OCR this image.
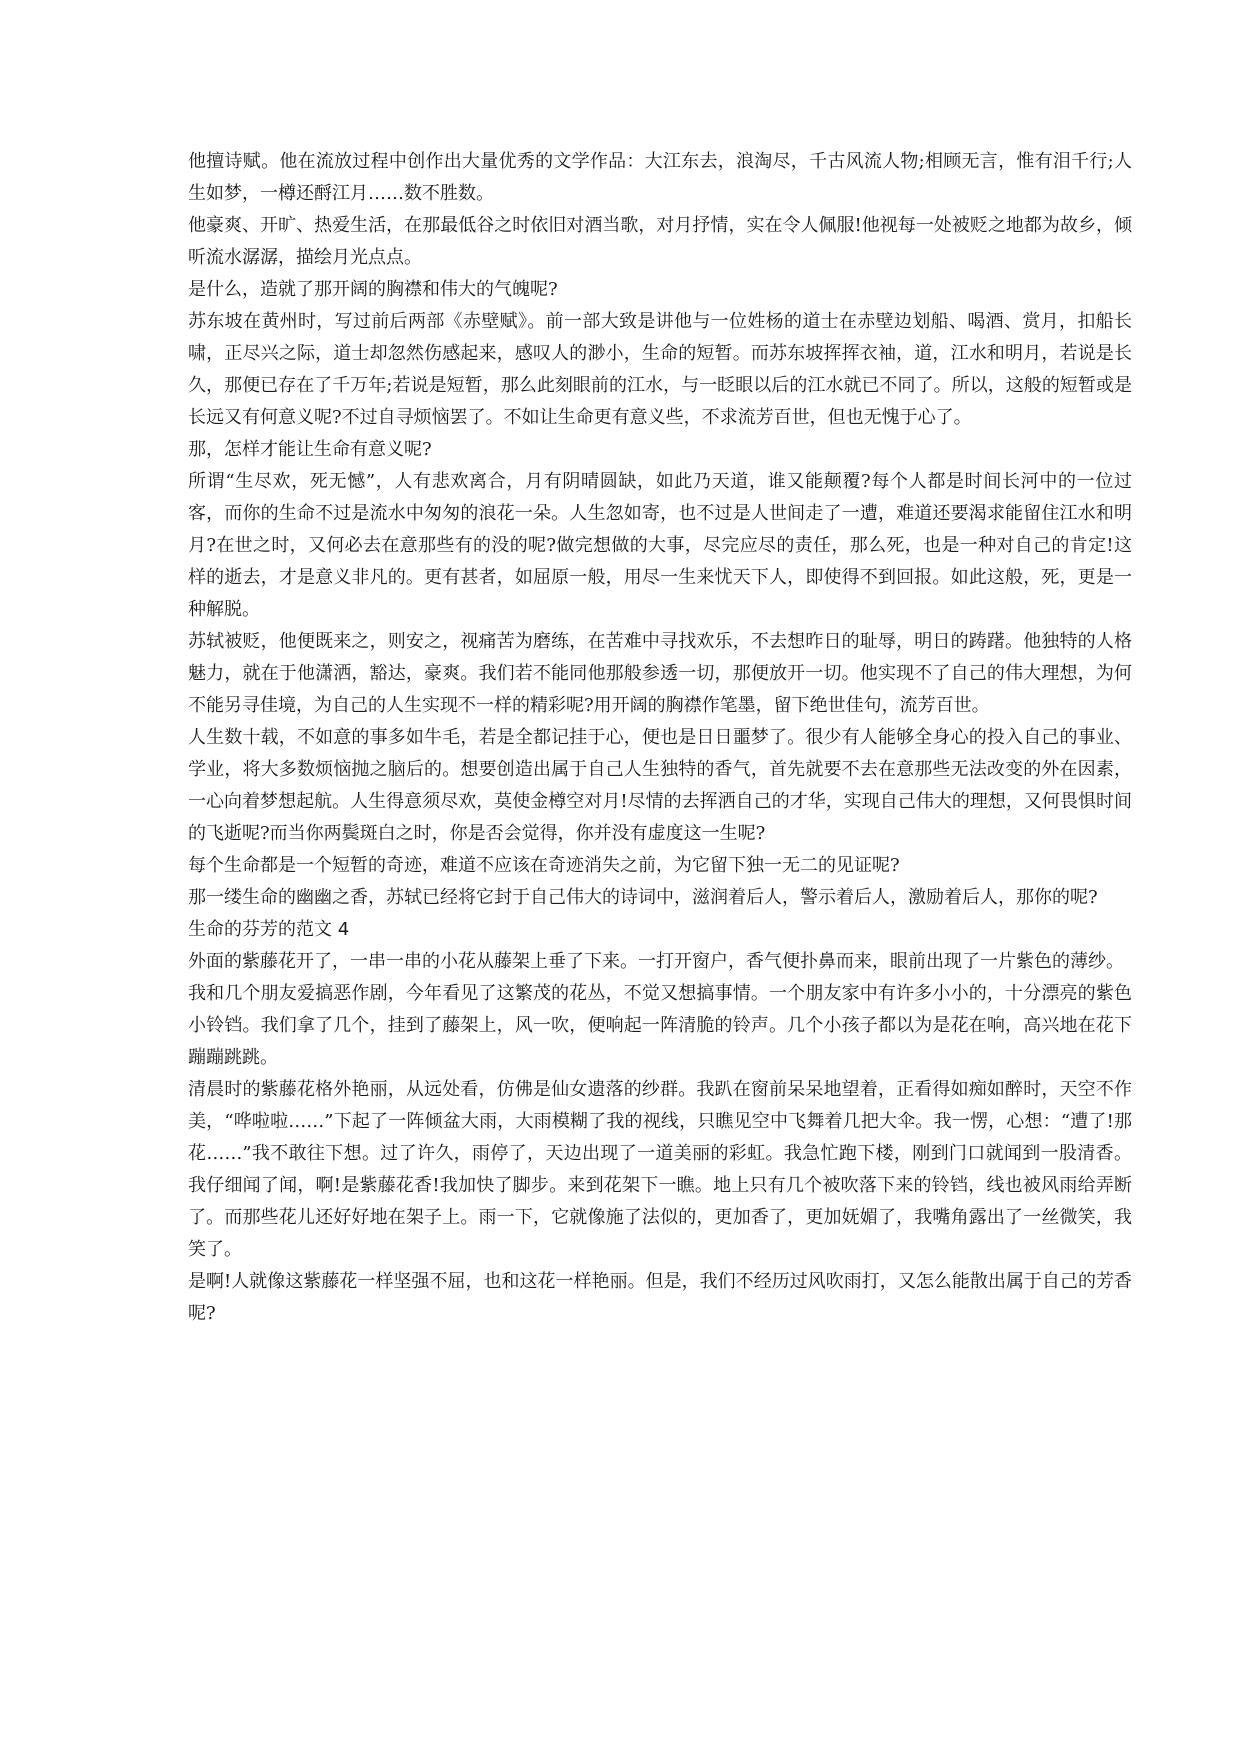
他擅诗赋。他在流放过程中创作出大量优秀的文学作品：大江东去，浪淘尽，千古风流人物;相顾无言，惟有泪千行;人生如梦，一樽还酹江月……数不胜数。

他豪爽、开旷、热爱生活，在那最低谷之时依旧对酒当歌，对月抒情，实在令人佩服!他视每一处被贬之地都为故乡，倾听流水潺潺，描绘月光点点。

是什么，造就了那开阔的胸襟和伟大的气魄呢?

苏东坡在黄州时，写过前后两部《赤壁赋》。前一部大致是讲他与一位姓杨的道士在赤壁边划船、喝酒、赏月，扣船长啸，正尽兴之际，道士却忽然伤感起来，感叹人的渺小，生命的短暂。而苏东坡挥挥衣袖，道，江水和明月，若说是长久，那便已存在了千万年;若说是短暂，那么此刻眼前的江水，与一眨眼以后的江水就已不同了。所以，这般的短暂或是长远又有何意义呢?不过自寻烦恼罢了。不如让生命更有意义些，不求流芳百世，但也无愧于心了。

那，怎样才能让生命有意义呢?

所谓“生尽欢，死无憾”，人有悲欢离合，月有阴晴圆缺，如此乃天道，谁又能颠覆?每个人都是时间长河中的一位过客，而你的生命不过是流水中匆匆的浪花一朵。人生忽如寄，也不过是人世间走了一遭，难道还要渴求能留住江水和明月?在世之时，又何必去在意那些有的没的呢?做完想做的大事，尽完应尽的责任，那么死，也是一种对自己的肯定!这样的逝去，才是意义非凡的。更有甚者，如屈原一般，用尽一生来忧天下人，即使得不到回报。如此这般，死，更是一种解脱。

苏轼被贬，他便既来之，则安之，视痛苦为磨练，在苦难中寻找欢乐，不去想昨日的耻辱，明日的踌躇。他独特的人格魅力，就在于他潇洒，豁达，豪爽。我们若不能同他那般参透一切，那便放开一切。他实现不了自己的伟大理想，为何不能另寻佳境，为自己的人生实现不一样的精彩呢?用开阔的胸襟作笔墨，留下绝世佳句，流芳百世。

人生数十载，不如意的事多如牛毛，若是全都记挂于心，便也是日日噩梦了。很少有人能够全身心的投入自己的事业、学业，将大多数烦恼抛之脑后的。想要创造出属于自己人生独特的香气，首先就要不去在意那些无法改变的外在因素，一心向着梦想起航。人生得意须尽欢，莫使金樽空对月!尽情的去挥洒自己的才华，实现自己伟大的理想，又何畏惧时间的飞逝呢?而当你两鬓斑白之时，你是否会觉得，你并没有虚度这一生呢?

每个生命都是一个短暂的奇迹，难道不应该在奇迹消失之前，为它留下独一无二的见证呢?

那一缕生命的幽幽之香，苏轼已经将它封于自己伟大的诗词中，滋润着后人，警示着后人，激励着后人，那你的呢?

生命的芬芳的范文 4

外面的紫藤花开了，一串一串的小花从藤架上垂了下来。一打开窗户，香气便扑鼻而来，眼前出现了一片紫色的薄纱。

我和几个朋友爱搞恶作剧，今年看见了这繁茂的花丛，不觉又想搞事情。一个朋友家中有许多小小的，十分漂亮的紫色小铃铛。我们拿了几个，挂到了藤架上，风一吹，便响起一阵清脆的铃声。几个小孩子都以为是花在响，高兴地在花下蹦蹦跳跳。

清晨时的紫藤花格外艳丽，从远处看，仿佛是仙女遗落的纱群。我趴在窗前呆呆地望着，正看得如痴如醉时，天空不作美，“哗啦啦……”下起了一阵倾盆大雨，大雨模糊了我的视线，只瞧见空中飞舞着几把大伞。我一愣，心想：“遭了!那花……”我不敢往下想。过了许久，雨停了，天边出现了一道美丽的彩虹。我急忙跑下楼，刚到门口就闻到一股清香。我仔细闻了闻，啊!是紫藤花香!我加快了脚步。来到花架下一瞧。地上只有几个被吹落下来的铃铛，线也被风雨给弄断了。而那些花儿还好好地在架子上。雨一下，它就像施了法似的，更加香了，更加妩媚了，我嘴角露出了一丝微笑，我笑了。

是啊!人就像这紫藤花一样坚强不屈，也和这花一样艳丽。但是，我们不经历过风吹雨打，又怎么能散出属于自己的芳香呢?
